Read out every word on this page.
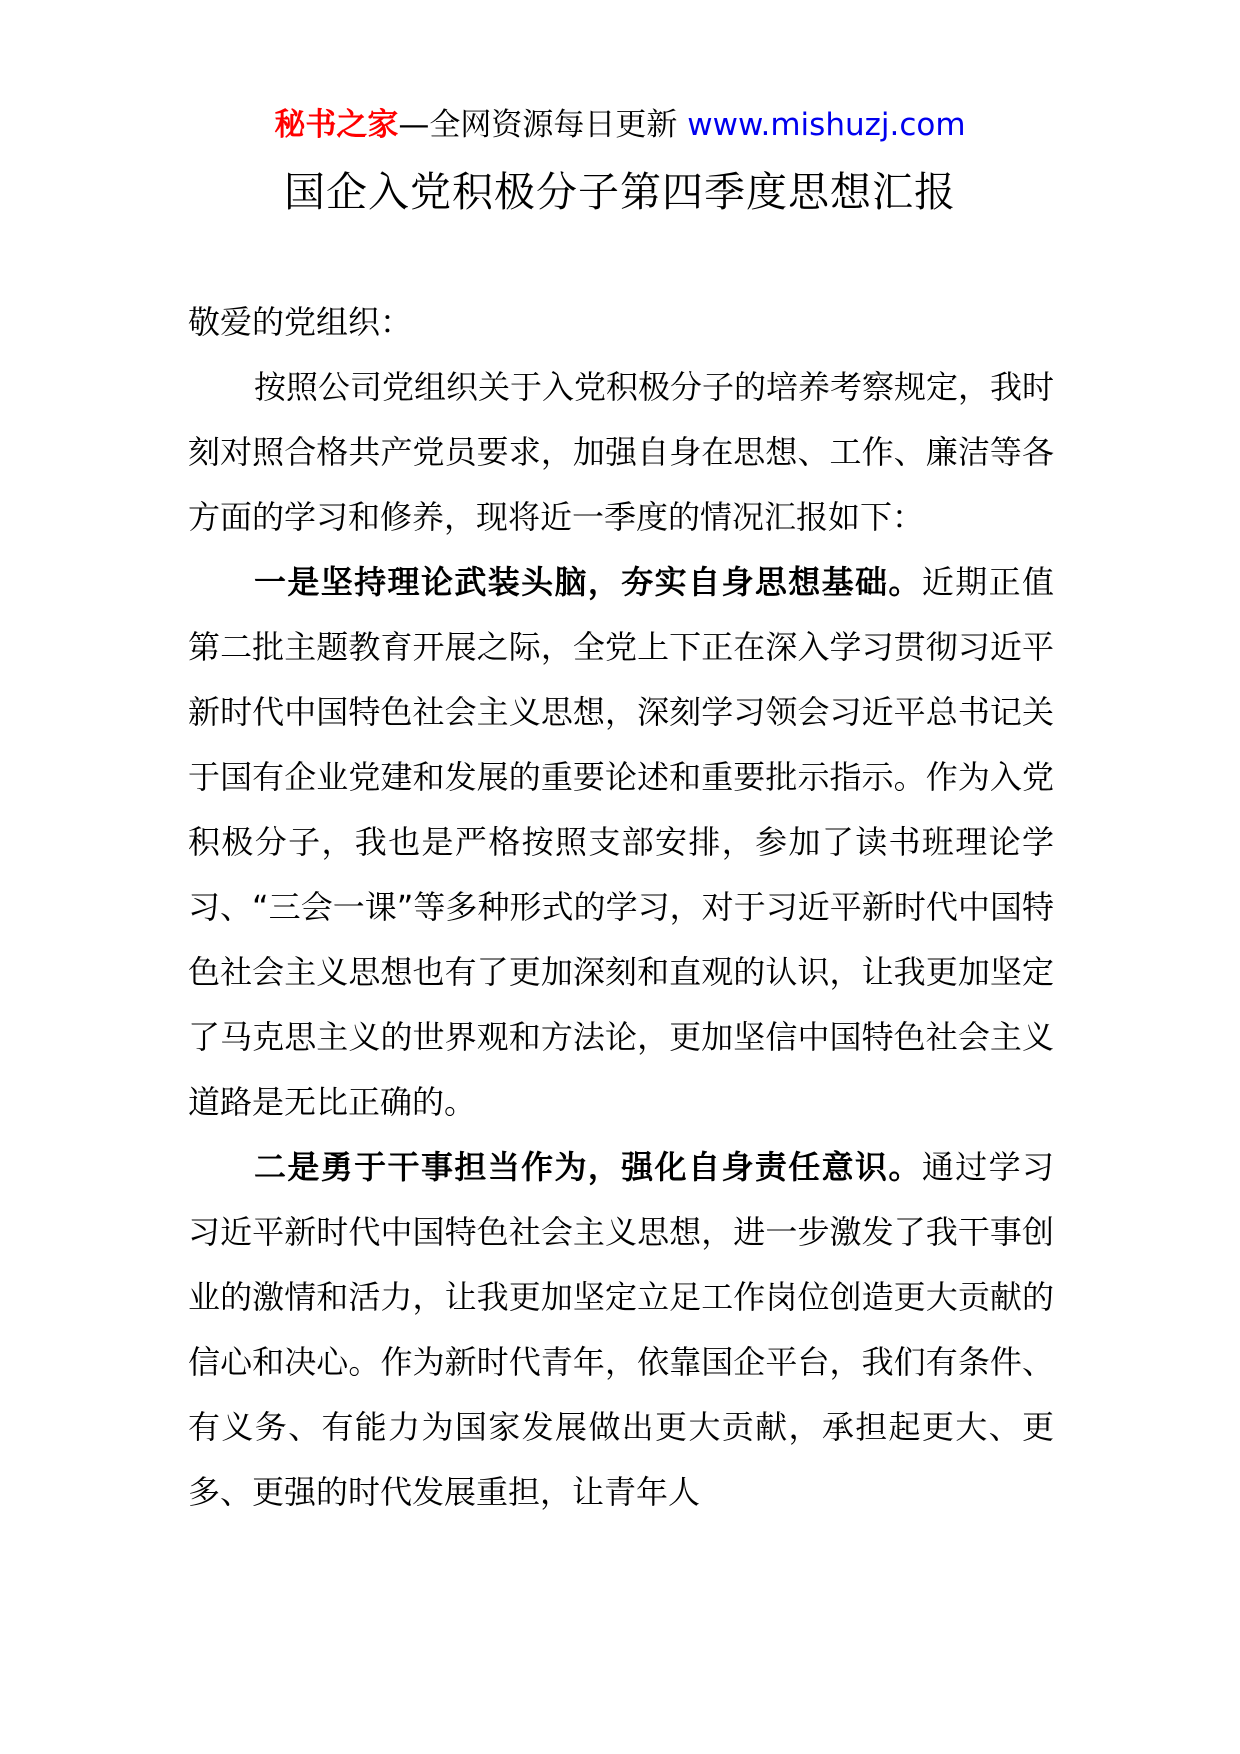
秘书之家—全网资源每日更新 www.mishuzj.com
国企入党积极分子第四季度思想汇报

敬爱的党组织：

按照公司党组织关于入党积极分子的培养考察规定，我时刻对照合格共产党员要求，加强自身在思想、工作、廉洁等各方面的学习和修养，现将近一季度的情况汇报如下：

一是坚持理论武装头脑，夯实自身思想基础。近期正值第二批主题教育开展之际，全党上下正在深入学习贯彻习近平新时代中国特色社会主义思想，深刻学习领会习近平总书记关于国有企业党建和发展的重要论述和重要批示指示。作为入党积极分子，我也是严格按照支部安排，参加了读书班理论学习、“三会一课”等多种形式的学习，对于习近平新时代中国特色社会主义思想也有了更加深刻和直观的认识，让我更加坚定了马克思主义的世界观和方法论，更加坚信中国特色社会主义道路是无比正确的。

二是勇于干事担当作为，强化自身责任意识。通过学习习近平新时代中国特色社会主义思想，进一步激发了我干事创业的激情和活力，让我更加坚定立足工作岗位创造更大贡献的信心和决心。作为新时代青年，依靠国企平台，我们有条件、有义务、有能力为国家发展做出更大贡献，承担起更大、更多、更强的时代发展重担，让青年人
